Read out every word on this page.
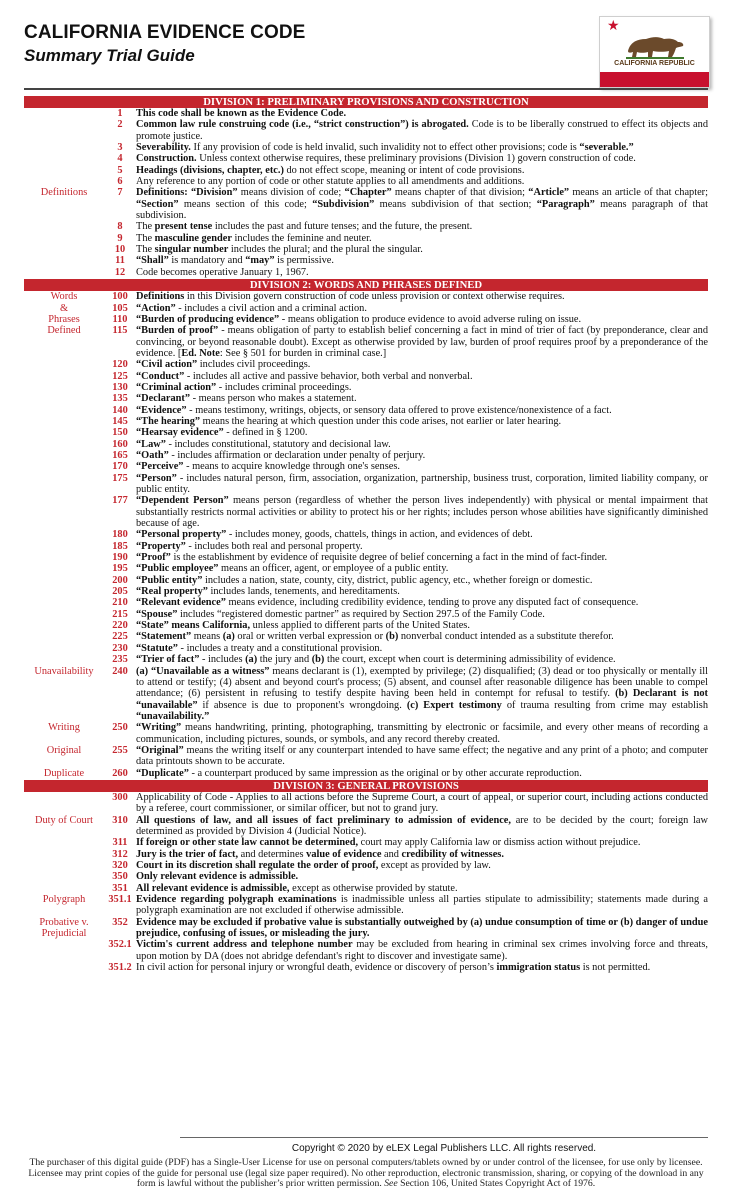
CALIFORNIA EVIDENCE CODE
Summary Trial Guide
★
CALIFORNIA REPUBLIC
DIVISION 1: PRELIMINARY PROVISIONS AND CONSTRUCTION
1	This code shall be known as the Evidence Code.
2	Common law rule construing code (i.e., “strict construction”) is abrogated. Code is to be liberally construed to effect its objects and promote justice.
3	Severability. If any provision of code is held invalid, such invalidity not to effect other provisions; code is “severable.”
4	Construction. Unless context otherwise requires, these preliminary provisions (Division 1) govern construction of code.
5	Headings (divisions, chapter, etc.) do not effect scope, meaning or intent of code provisions.
6	Any reference to any portion of code or other statute applies to all amendments and additions.
Definitions	7	Definitions: “Division” means division of code; “Chapter” means chapter of that division; “Article” means an article of that chapter; “Section” means section of this code; “Subdivision” means subdivision of that section; “Paragraph” means paragraph of that subdivision.
8	The present tense includes the past and future tenses; and the future, the present.
9	The masculine gender includes the feminine and neuter.
10	The singular number includes the plural; and the plural the singular.
11	“Shall” is mandatory and “may” is permissive.
12	Code becomes operative January 1, 1967.
DIVISION 2: WORDS AND PHRASES DEFINED
Words	100 Definitions in this Division govern construction of code unless provision or context otherwise requires.
&	105 “Action” - includes a civil action and a criminal action.
Phrases	110 “Burden of producing evidence” - means obligation to produce evidence to avoid adverse ruling on issue.
Defined	115 “Burden of proof” - means obligation of party to establish belief concerning a fact in mind of trier of fact (by preponderance, clear and convincing, or beyond reasonable doubt). Except as otherwise provided by law, burden of proof requires proof by a preponderance of the evidence. [Ed. Note: See § 501 for burden in criminal case.]
120 “Civil action” includes civil proceedings.
125 “Conduct” - includes all active and passive behavior, both verbal and nonverbal.
130 “Criminal action” - includes criminal proceedings.
135 “Declarant” - means person who makes a statement.
140 “Evidence” - means testimony, writings, objects, or sensory data offered to prove existence/nonexistence of a fact.
145 “The hearing” means the hearing at which question under this code arises, not earlier or later hearing.
150 “Hearsay evidence” - defined in § 1200.
160 “Law” - includes constitutional, statutory and decisional law.
165 “Oath” - includes affirmation or declaration under penalty of perjury.
170 “Perceive” - means to acquire knowledge through one's senses.
175 “Person” - includes natural person, firm, association, organization, partnership, business trust, corporation, limited liability company, or public entity.
177 “Dependent Person” means person (regardless of whether the person lives independently) with physical or mental impairment that substantially restricts normal activities or ability to protect his or her rights; includes person whose abilities have significantly diminished because of age.
180 “Personal property” - includes money, goods, chattels, things in action, and evidences of debt.
185 “Property” - includes both real and personal property.
190 “Proof” is the establishment by evidence of requisite degree of belief concerning a fact in the mind of fact-finder.
195 “Public employee” means an officer, agent, or employee of a public entity.
200 “Public entity” includes a nation, state, county, city, district, public agency, etc., whether foreign or domestic.
205 “Real property” includes lands, tenements, and hereditaments.
210 “Relevant evidence” means evidence, including credibility evidence, tending to prove any disputed fact of consequence.
215 “Spouse” includes “registered domestic partner” as required by Section 297.5 of the Family Code.
220 “State” means California, unless applied to different parts of the United States.
225 “Statement” means (a) oral or written verbal expression or (b) nonverbal conduct intended as a substitute therefor.
230 “Statute” - includes a treaty and a constitutional provision.
235 “Trier of fact” - includes (a) the jury and (b) the court, except when court is determining admissibility of evidence.
Unavailability	240 (a) “Unavailable as a witness” means declarant is (1), exempted by privilege; (2) disqualified; (3) dead or too physically or mentally ill to attend or testify; (4) absent and beyond court's process; (5) absent, and counsel after reasonable diligence has been unable to compel attendance; (6) persistent in refusing to testify despite having been held in contempt for refusal to testify. (b) Declarant is not “unavailable” if absence is due to proponent's wrongdoing. (c) Expert testimony of trauma resulting from crime may establish “unavailability.”
Writing	250 “Writing” means handwriting, printing, photographing, transmitting by electronic or facsimile, and every other means of recording a communication, including pictures, sounds, or symbols, and any record thereby created.
Original	255 “Original” means the writing itself or any counterpart intended to have same effect; the negative and any print of a photo; and computer data printouts shown to be accurate.
Duplicate	260 “Duplicate” - a counterpart produced by same impression as the original or by other accurate reproduction.
DIVISION 3: GENERAL PROVISIONS
300 Applicability of Code - Applies to all actions before the Supreme Court, a court of appeal, or superior court, including actions conducted by a referee, court commissioner, or similar officer, but not to grand jury.
Duty of Court	310 All questions of law, and all issues of fact preliminary to admission of evidence, are to be decided by the court; foreign law determined as provided by Division 4 (Judicial Notice).
311 If foreign or other state law cannot be determined, court may apply California law or dismiss action without prejudice.
312 Jury is the trier of fact, and determines value of evidence and credibility of witnesses.
320 Court in its discretion shall regulate the order of proof, except as provided by law.
350 Only relevant evidence is admissible.
351 All relevant evidence is admissible, except as otherwise provided by statute.
Polygraph	351.1 Evidence regarding polygraph examinations is inadmissible unless all parties stipulate to admissibility; statements made during a polygraph examination are not excluded if otherwise admissible.
Probative v.
Prejudicial
352 Evidence may be excluded if probative value is substantially outweighed by (a) undue consumption of time or (b) danger of undue prejudice, confusing of issues, or misleading the jury.
352.1 Victim's current address and telephone number may be excluded from hearing in criminal sex crimes involving force and threats, upon motion by DA (does not abridge defendant's right to discover and investigate same).
351.2 In civil action for personal injury or wrongful death, evidence or discovery of person’s immigration status is not permitted.
Copyright © 2020 by eLEX Legal Publishers LLC. All rights reserved.
The purchaser of this digital guide (PDF) has a Single-User License for use on personal computers/tablets owned by or under control of the licensee, for use only by licensee. Licensee may print copies of the guide for personal use (legal size paper required). No other reproduction, electronic transmission, sharing, or copying of the download in any form is lawful without the publisher’s prior written permission. See Section 106, United States Copyright Act of 1976.
